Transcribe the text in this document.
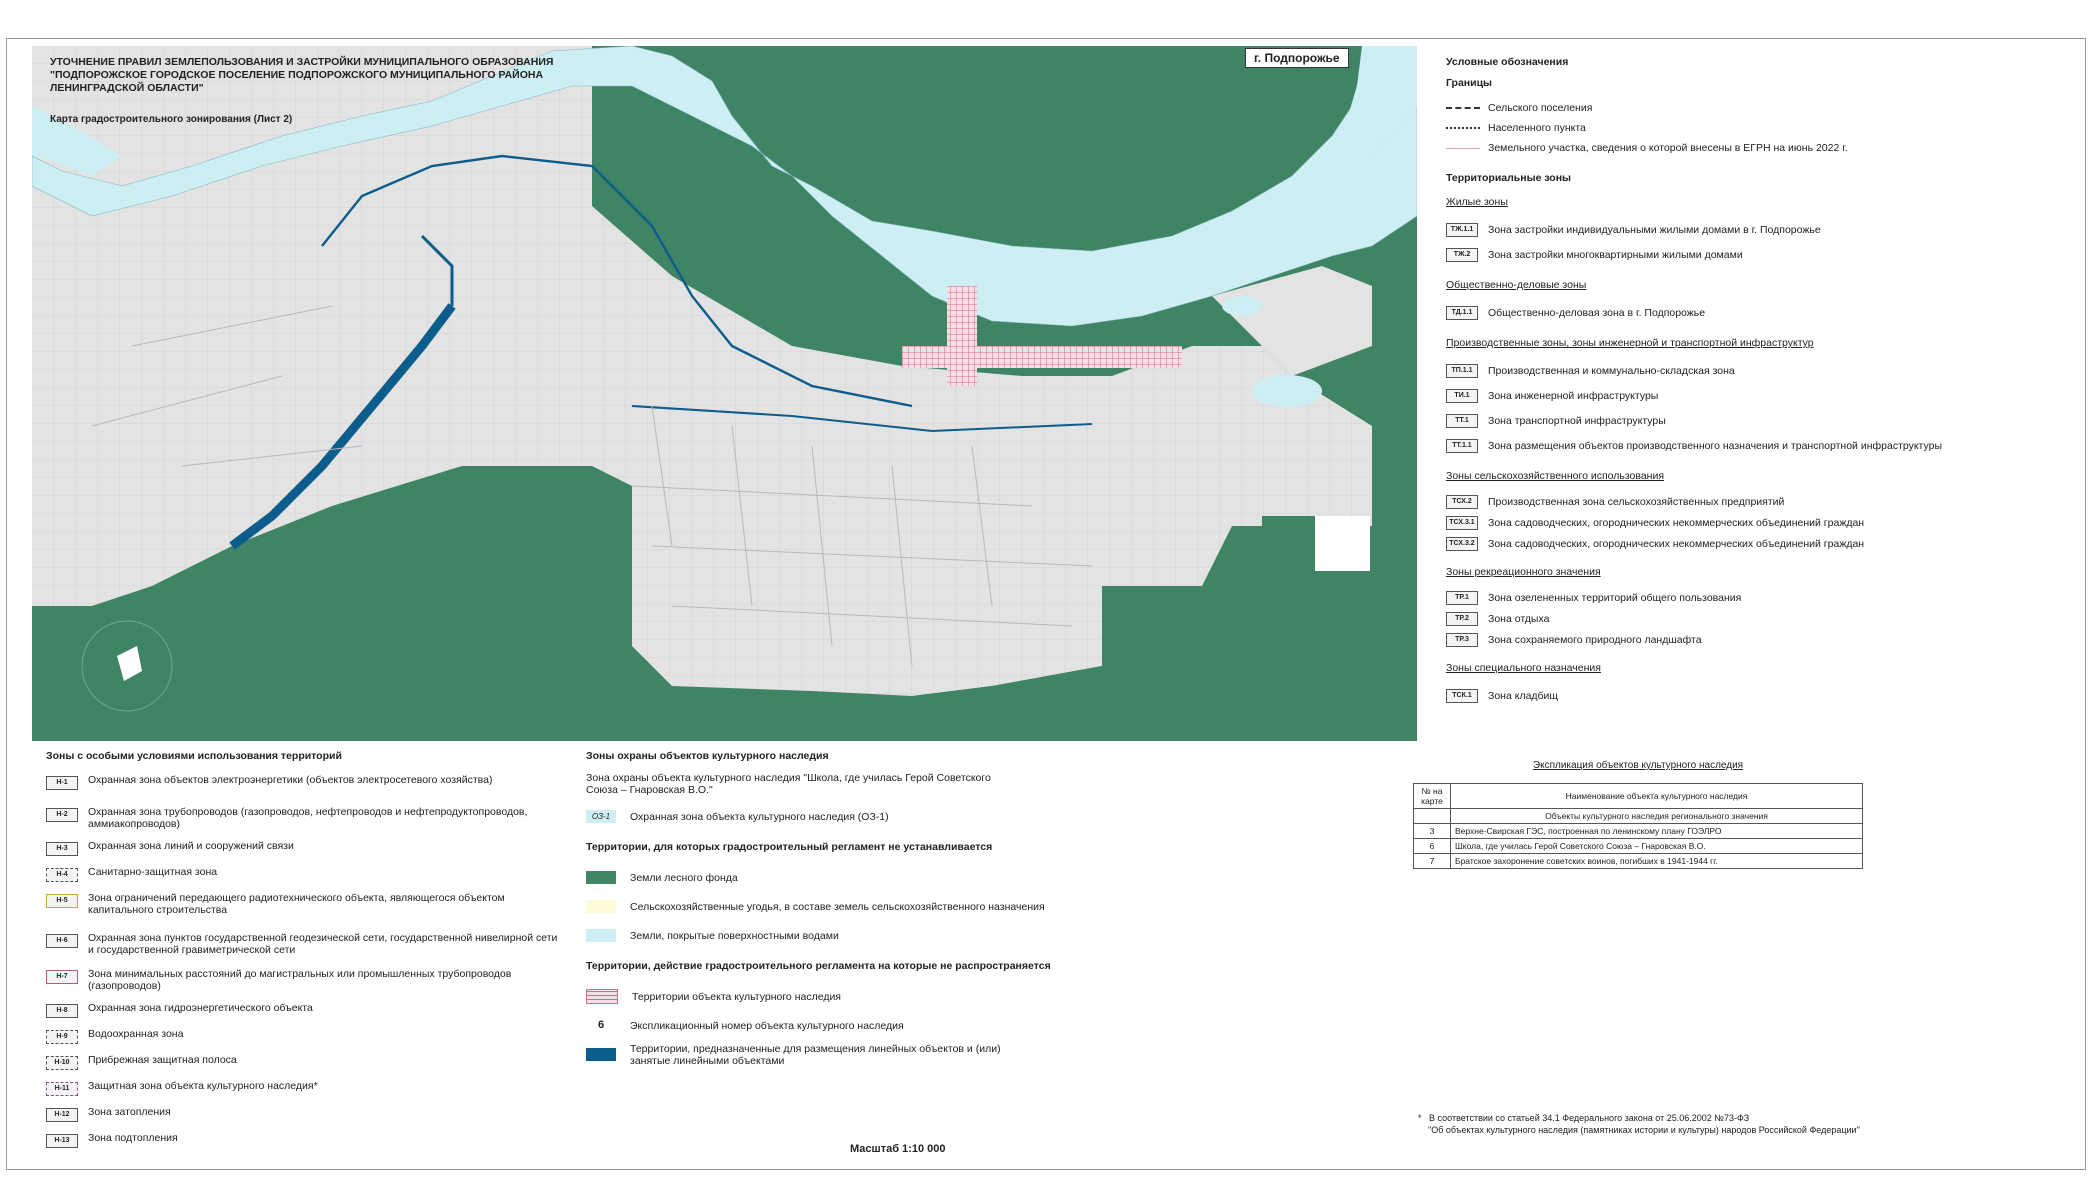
УТОЧНЕНИЕ ПРАВИЛ ЗЕМЛЕПОЛЬЗОВАНИЯ И ЗАСТРОЙКИ МУНИЦИПАЛЬНОГО ОБРАЗОВАНИЯ
"ПОДПОРОЖСКОЕ ГОРОДСКОЕ ПОСЕЛЕНИЕ ПОДПОРОЖСКОГО МУНИЦИПАЛЬНОГО РАЙОНА
ЛЕНИНГРАДСКОЙ ОБЛАСТИ"
Карта градостроительного зонирования (Лист 2)
г. Подпорожье	Условные обозначения
Границы
Сельского поселения
Населенного пункта
Земельного участка, сведения о которой внесены в ЕГРН на июнь 2022 г.
Территориальные зоны
Жилые зоны
ТЖ.1.1	Зона застройки индивидуальными жилыми домами в г. Подпорожье
ТЖ.2	Зона застройки многоквартирными жилыми домами
Общественно-деловые зоны
ТД.1.1	Общественно-деловая зона в г. Подпорожье
Производственные зоны, зоны инженерной и транспортной инфраструктур
ТП.1.1	Производственная и коммунально-складская зона
ТИ.1	Зона инженерной инфраструктуры
ТТ.1	Зона транспортной инфраструктуры
ТТ.1.1	Зона размещения объектов производственного назначения и транспортной инфраструктуры
Зоны сельскохозяйственного использования
ТСХ.2	Производственная зона сельскохозяйственных предприятий
ТСХ.3.1	Зона садоводческих, огороднических некоммерческих объединений граждан
ТСХ.3.2	Зона садоводческих, огороднических некоммерческих объединений граждан
Зоны рекреационного значения
ТР.1	Зона озелененных территорий общего пользования
ТР.2	Зона отдыха
ТР.3	Зона сохраняемого природного ландшафта
Зоны специального назначения
ТСК.1	Зона кладбищ
Зоны с особыми условиями использования территорий
Н-1	Охранная зона объектов электроэнергетики (объектов электросетевого хозяйства)
Н-2	Охранная зона трубопроводов (газопроводов, нефтепроводов и нефтепродуктопроводов, аммиакопроводов)
Н-3	Охранная зона линий и сооружений связи
Н-4	Санитарно-защитная зона
Н-5	Зона ограничений передающего радиотехнического объекта, являющегося объектом капитального строительства
Н-6	Охранная зона пунктов государственной геодезической сети, государственной нивелирной сети и государственной гравиметрической сети
Н-7	Зона минимальных расстояний до магистральных или промышленных трубопроводов (газопроводов)
Н-8	Охранная зона гидроэнергетического объекта
Н-9	Водоохранная зона
Н-10	Прибрежная защитная полоса
Н-11	Защитная зона объекта культурного наследия*
Н-12	Зона затопления
Н-13	Зона подтопления
Зоны охраны объектов культурного наследия
Зона охраны объекта культурного наследия "Школа, где училась Герой Советского Союза – Гнаровская В.О."
ОЗ-1	Охранная зона объекта культурного наследия (ОЗ-1)
Территории, для которых градостроительный регламент не устанавливается
Земли лесного фонда
Сельскохозяйственные угодья, в составе земель сельскохозяйственного назначения
Земли, покрытые поверхностными водами
Территории, действие градостроительного регламента на которые не распространяется
Территории объекта культурного наследия
6	Экспликационный номер объекта культурного наследия
Территории, предназначенные для размещения линейных объектов и (или) занятые линейными объектами
Экспликация объектов культурного наследия
№ на карте	Наименование объекта культурного наследия
	Объекты культурного наследия регионального значения
3	Верхне-Свирская ГЭС, построенная по ленинскому плану ГОЭЛРО
6	Школа, где училась Герой Советского Союза – Гнаровская В.О.
7	Братское захоронение советских воинов, погибших в 1941-1944 гг.
* В соответствии со статьей 34.1 Федерального закона от 25.06.2002 №73-ФЗ
"Об объектах культурного наследия (памятниках истории и культуры) народов Российской Федерации"
Масштаб 1:10 000
